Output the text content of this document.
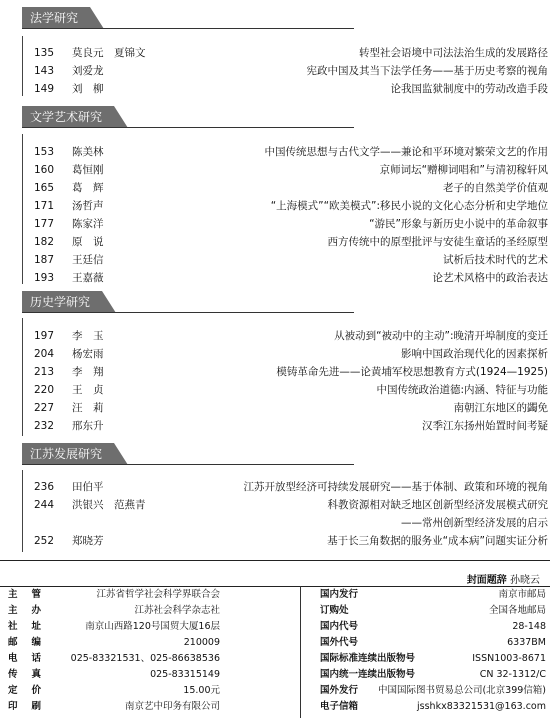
法学研究
135	莫良元　夏锦文	转型社会语境中司法法治生成的发展路径
143	刘爱龙	宪政中国及其当下法学任务——基于历史考察的视角
149	刘　柳	论我国监狱制度中的劳动改造手段
文学艺术研究
153	陈美林	中国传统思想与古代文学——兼论和平环境对繁荣文艺的作用
160	葛恒刚	京师词坛“赠柳词唱和”与清初稼轩风
165	葛　辉	老子的自然美学价值观
171	汤哲声	“上海模式”“欧美模式”:移民小说的文化心态分析和史学地位
177	陈家洋	“游民”形象与新历史小说中的革命叙事
182	原　说	西方传统中的原型批评与安徒生童话的圣经原型
187	王廷信	试析后技术时代的艺术
193	王嘉薇	论艺术风格中的政治表达
历史学研究
197	李　玉	从被动到“被动中的主动”:晚清开埠制度的变迁
204	杨宏雨	影响中国政治现代化的因素探析
213	李　翔	模铸革命先进——论黄埔军校思想教育方式(1924—1925)
220	王　贞	中国传统政治道德:内涵、特征与功能
227	汪　莉	南朝江东地区的蠲免
232	邢东升	汉季江东扬州始置时间考疑
江苏发展研究
236	田伯平	江苏开放型经济可持续发展研究——基于体制、政策和环境的视角
244	洪银兴　范燕青	科教资源相对缺乏地区创新型经济发展模式研究
——常州创新型经济发展的启示
252	郑晓芳	基于长三角数据的服务业“成本病”问题实证分析
封面题辞 孙晓云
主管	江苏省哲学社会科学界联合会	国内发行	南京市邮局
主办	江苏社会科学杂志社	订购处	全国各地邮局
社址	南京山西路120号国贸大厦16层	国内代号	28-148
邮编	210009	国外代号	6337BM
电话 025-83321531、025-86638536	国际标准连续出版物号	ISSN1003-8671
传真	025-83315149	国内统一连续出版物号	CN 32-1312/C
定价	15.00元	国外发行 中国国际图书贸易总公司(北京399信箱)
印刷	南京艺中印务有限公司	电子信箱	jsshkx83321531@163.com
